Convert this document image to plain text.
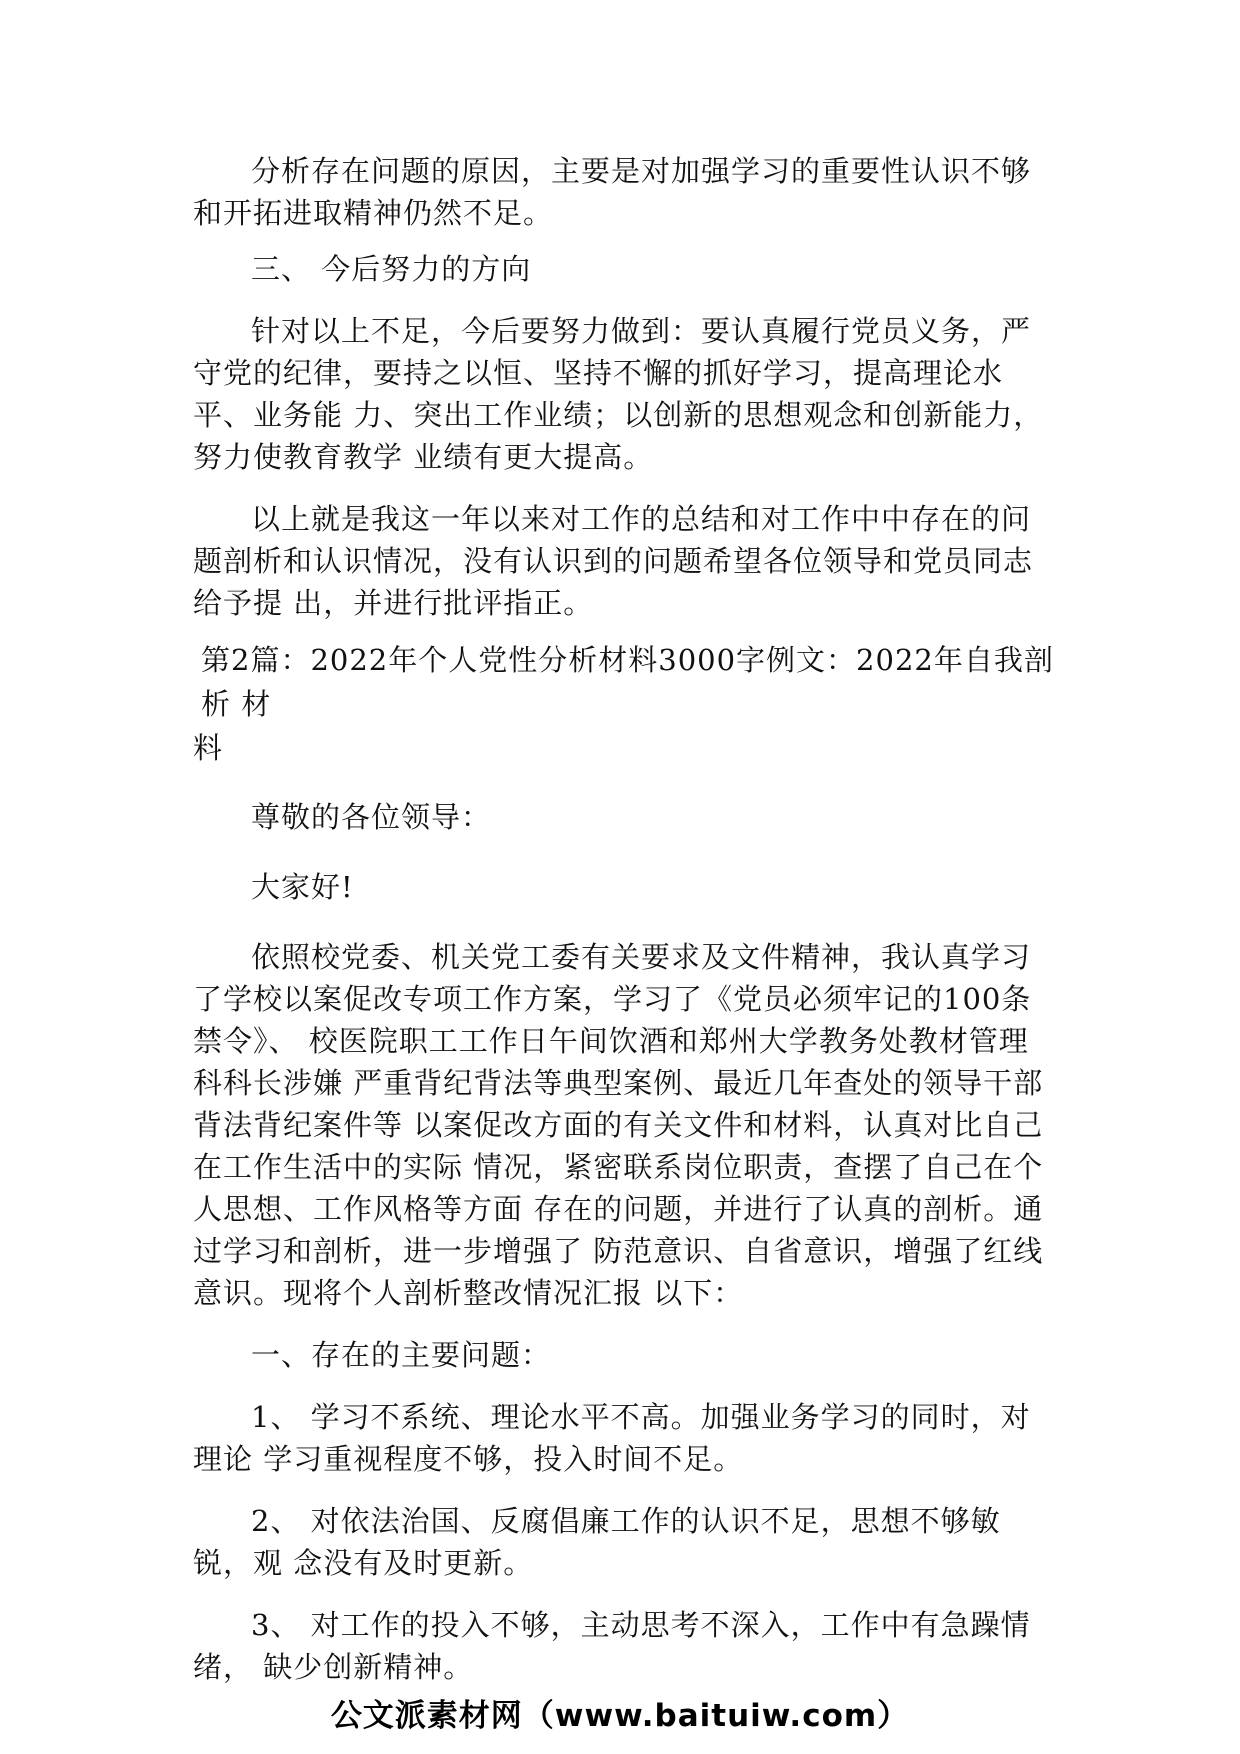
分析存在问题的原因，主要是对加强学习的重要性认识不够和开拓进取精神仍然不足。

三、 今后努力的方向

针对以上不足，今后要努力做到：要认真履行党员义务，严守党的纪律，要持之以恒、坚持不懈的抓好学习，提高理论水平、业务能 力、突出工作业绩；以创新的思想观念和创新能力，努力使教育教学 业绩有更大提高。

以上就是我这一年以来对工作的总结和对工作中中存在的问题剖析和认识情况，没有认识到的问题希望各位领导和党员同志给予提 出，并进行批评指正。

第2篇：2022年个人党性分析材料3000字例文：2022年自我剖析 材

料

尊敬的各位领导：

大家好!

依照校党委、机关党工委有关要求及文件精神，我认真学习了学校以案促改专项工作方案，学习了《党员必须牢记的100条禁令》、 校医院职工工作日午间饮酒和郑州大学教务处教材管理科科长涉嫌 严重背纪背法等典型案例、最近几年查处的领导干部背法背纪案件等 以案促改方面的有关文件和材料，认真对比自己在工作生活中的实际 情况，紧密联系岗位职责，查摆了自己在个人思想、工作风格等方面 存在的问题，并进行了认真的剖析。通过学习和剖析，进一步增强了 防范意识、自省意识，增强了红线意识。现将个人剖析整改情况汇报 以下：

一、存在的主要问题：

1、 学习不系统、理论水平不高。加强业务学习的同时，对理论 学习重视程度不够，投入时间不足。

2、 对依法治国、反腐倡廉工作的认识不足，思想不够敏锐，观 念没有及时更新。

3、 对工作的投入不够，主动思考不深入，工作中有急躁情绪， 缺少创新精神。

公文派素材网（www.baituiw.com）
